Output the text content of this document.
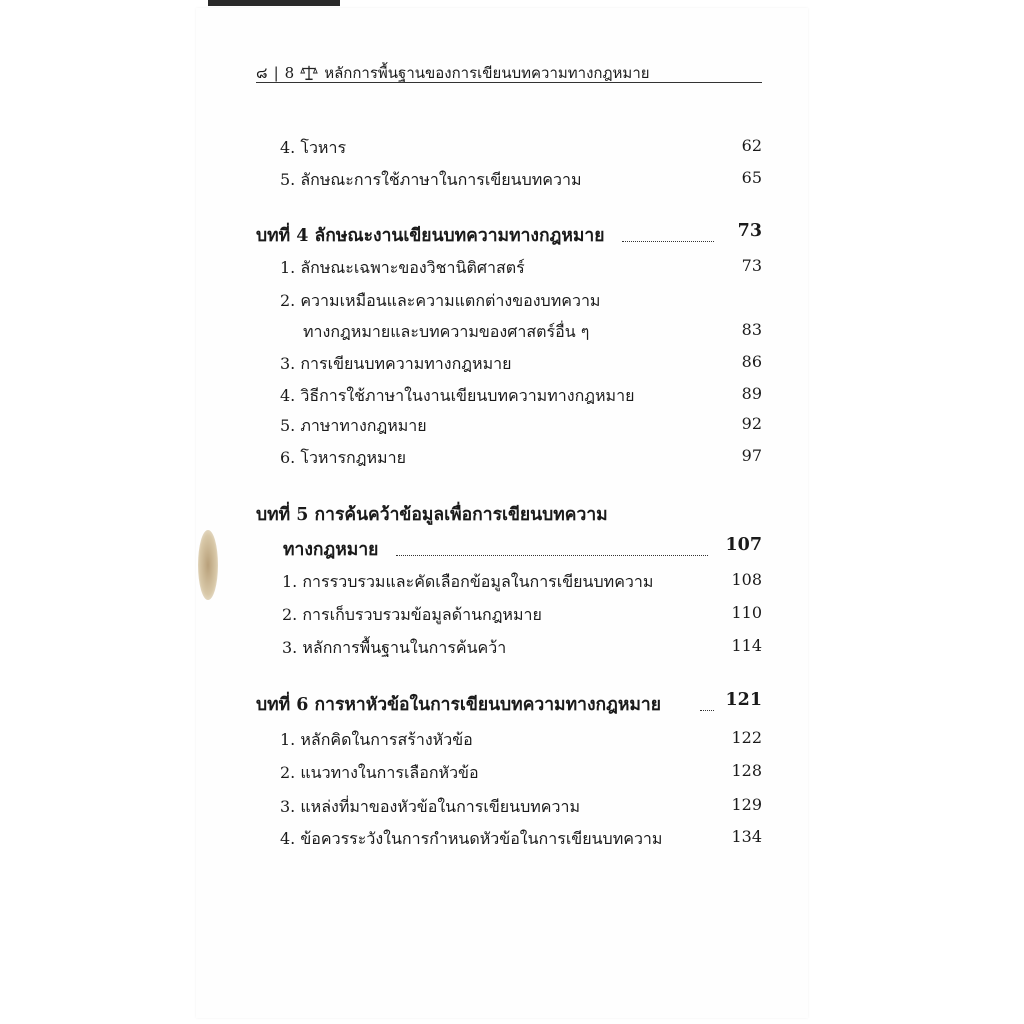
๘ | 8 หลักการพื้นฐานของการเขียนบทความทางกฎหมาย
4. โวหาร	62
5. ลักษณะการใช้ภาษาในการเขียนบทความ	65
บทที่ 4 ลักษณะงานเขียนบทความทางกฎหมาย	73
1. ลักษณะเฉพาะของวิชานิติศาสตร์	73
2. ความเหมือนและความแตกต่างของบทความ
ทางกฎหมายและบทความของศาสตร์อื่น ๆ	83
3. การเขียนบทความทางกฎหมาย	86
4. วิธีการใช้ภาษาในงานเขียนบทความทางกฎหมาย	89
5. ภาษาทางกฎหมาย	92
6. โวหารกฎหมาย	97
บทที่ 5 การค้นคว้าข้อมูลเพื่อการเขียนบทความ
ทางกฎหมาย	107
1. การรวบรวมและคัดเลือกข้อมูลในการเขียนบทความ	108
2. การเก็บรวบรวมข้อมูลด้านกฎหมาย	110
3. หลักการพื้นฐานในการค้นคว้า	114
บทที่ 6 การหาหัวข้อในการเขียนบทความทางกฎหมาย	121
1. หลักคิดในการสร้างหัวข้อ	122
2. แนวทางในการเลือกหัวข้อ	128
3. แหล่งที่มาของหัวข้อในการเขียนบทความ	129
4. ข้อควรระวังในการกำหนดหัวข้อในการเขียนบทความ	134
